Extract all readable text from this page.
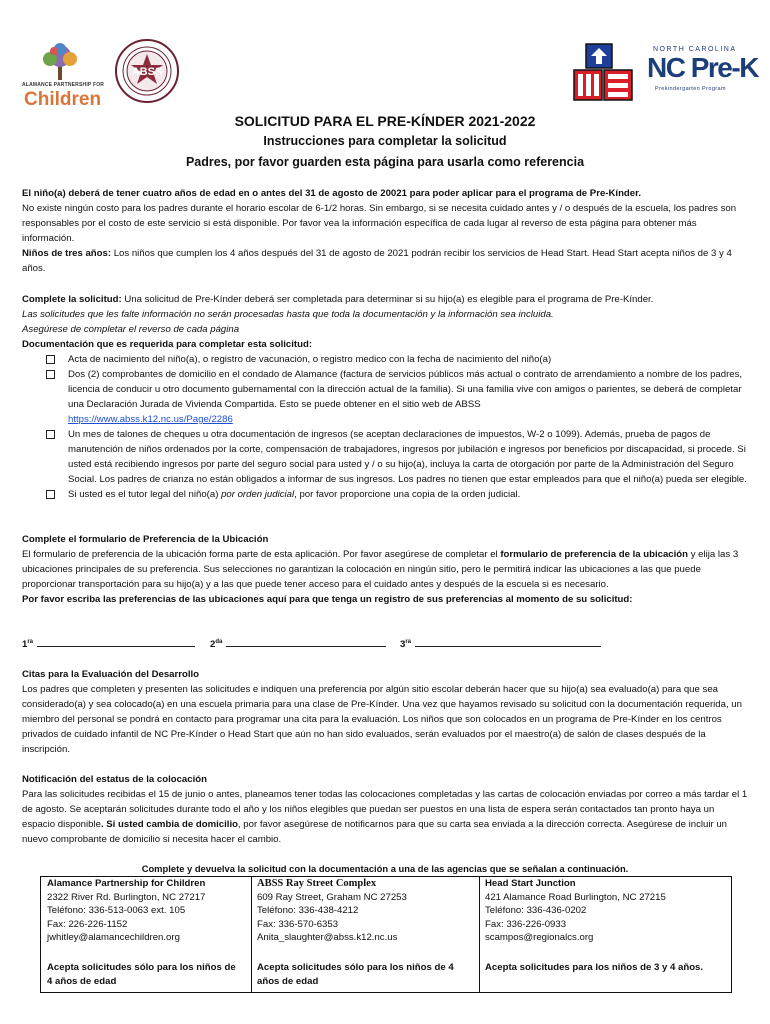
ALAMANCE PARTNERSHIP FOR
Children
ABSS
NORTH CAROLINA
NC Pre-K
Prekindergarten Program
SOLICITUD PARA EL PRE-KÍNDER 2021-2022
Instrucciones para completar la solicitud
Padres, por favor guarden esta página para usarla como referencia

El niño(a) deberá de tener cuatro años de edad en o antes del 31 de agosto de 20021 para poder aplicar para el programa de Pre-Kínder.

No existe ningún costo para los padres durante el horario escolar de 6-1/2 horas. Sin embargo, si se necesita cuidado antes y / o después de la escuela, los padres son responsables por el costo de este servicio si está disponible. Por favor vea la información específica de cada lugar al reverso de esta página para obtener más información.

Niños de tres años: Los niños que cumplen los 4 años después del 31 de agosto de 2021 podrán recibir los servicios de Head Start. Head Start acepta niños de 3 y 4 años.

Complete la solicitud: Una solicitud de Pre-Kínder deberá ser completada para determinar si su hijo(a) es elegible para el programa de Pre-Kínder.

Las solicitudes que les falte información no serán procesadas hasta que toda la documentación y la información sea incluida.

Asegúrese de completar el reverso de cada página

Documentación que es requerida para completar esta solicitud:

Acta de nacimiento del niño(a), o registro de vacunación, o registro medico con la fecha de nacimiento del niño(a)
Dos (2) comprobantes de domicilio en el condado de Alamance (factura de servicios públicos más actual o contrato de arrendamiento a nombre de los padres, licencia de conducir u otro documento gubernamental con la dirección actual de la familia). Si una familia vive con amigos o parientes, se deberá de completar una Declaración Jurada de Vivienda Compartida. Esto se puede obtener en el sitio web de ABSS
https://www.abss.k12.nc.us/Page/2286
Un mes de talones de cheques u otra documentación de ingresos (se aceptan declaraciones de impuestos, W-2 o 1099). Además, prueba de pagos de manutención de niños ordenados por la corte, compensación de trabajadores, ingresos por jubilación e ingresos por beneficios por discapacidad, si procede. Si usted está recibiendo ingresos por parte del seguro social para usted y / o su hijo(a), incluya la carta de otorgación por parte de la Administración del Seguro Social. Los padres de crianza no están obligados a informar de sus ingresos. Los padres no tienen que estar empleados para que el niño(a) pueda ser elegible.
Si usted es el tutor legal del niño(a) por orden judicial, por favor proporcione una copia de la orden judicial.

Complete el formulario de Preferencia de la Ubicación

El formulario de preferencia de la ubicación forma parte de esta aplicación. Por favor asegúrese de completar el formulario de preferencia de la ubicación y elija las 3 ubicaciones principales de su preferencia. Sus selecciones no garantizan la colocación en ningún sitio, pero le permitirá indicar las ubicaciones a las que puede proporcionar transportación para su hijo(a) y a las que puede tener acceso para el cuidado antes y después de la escuela si es necesario.

Por favor escriba las preferencias de las ubicaciones aquí para que tenga un registro de sus preferencias al momento de su solicitud:

$1^{ra}$	$2^{da}$	$3^{ra}$

Citas para la Evaluación del Desarrollo

Los padres que completen y presenten las solicitudes e indiquen una preferencia por algún sitio escolar deberán hacer que su hijo(a) sea evaluado(a) para que sea considerado(a) y sea colocado(a) en una escuela primaria para una clase de Pre-Kínder. Una vez que hayamos revisado su solicitud con la documentación requerida, un miembro del personal se pondrá en contacto para programar una cita para la evaluación. Los niños que son colocados en un programa de Pre-Kínder en los centros privados de cuidado infantil de NC Pre-Kínder o Head Start que aún no han sido evaluados, serán evaluados por el maestro(a) de salón de clases después de la inscripción.

Notificación del estatus de la colocación

Para las solicitudes recibidas el 15 de junio o antes, planeamos tener todas las colocaciones completadas y las cartas de colocación enviadas por correo a más tardar el 1 de agosto. Se aceptarán solicitudes durante todo el año y los niños elegibles que puedan ser puestos en una lista de espera serán contactados tan pronto haya un espacio disponible. Si usted cambia de domicilio, por favor asegúrese de notificarnos para que su carta sea enviada a la dirección correcta. Asegúrese de incluir un nuevo comprobante de domicilio si necesita hacer el cambio.

Complete y devuelva la solicitud con la documentación a una de las agencias que se señalan a continuación.
Alamance Partnership for Children
2322 River Rd. Burlington, NC 27217
Teléfono: 336-513-0063 ext. 105
Fax: 226-226-1152
jwhitley@alamancechildren.org
Acepta solicitudes sólo para los niños de 4 años de edad
ABSS Ray Street Complex
609 Ray Street, Graham NC 27253
Teléfono: 336-438-4212
Fax: 336-570-6353
Anita_slaughter@abss.k12.nc.us
Acepta solicitudes sólo para los niños de 4 años de edad
Head Start Junction
421 Alamance Road Burlington, NC 27215
Teléfono: 336-436-0202
Fax: 336-226-0933
scampos@regionalcs.org
Acepta solicitudes para los niños de 3 y 4 años.
